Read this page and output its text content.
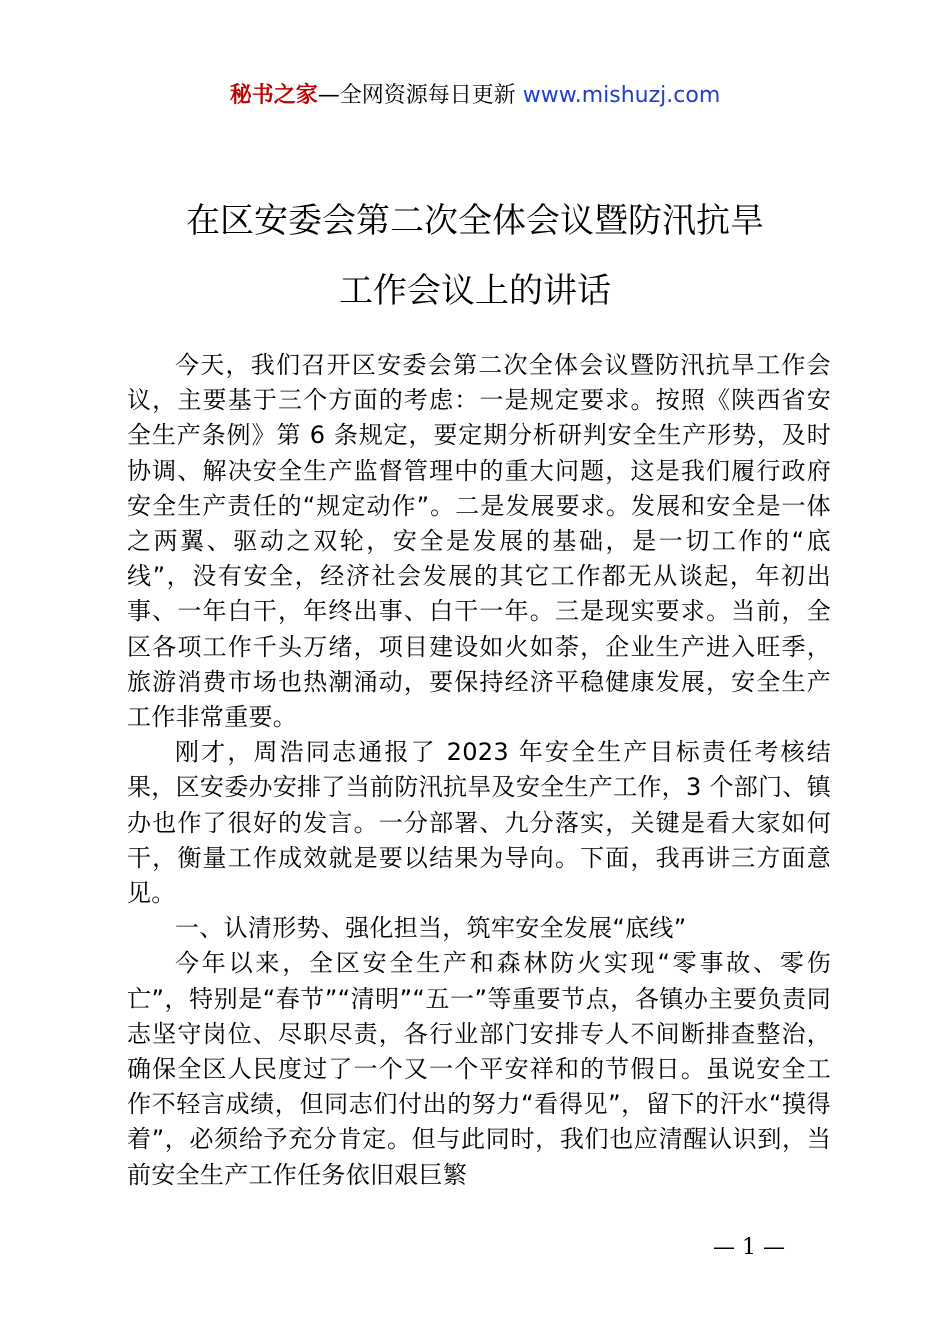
秘书之家—全网资源每日更新 www.mishuzj.com
在区安委会第二次全体会议暨防汛抗旱
工作会议上的讲话

今天，我们召开区安委会第二次全体会议暨防汛抗旱工作会议，主要基于三个方面的考虑：一是规定要求。按照《陕西省安全生产条例》第 6 条规定，要定期分析研判安全生产形势，及时协调、解决安全生产监督管理中的重大问题，这是我们履行政府安全生产责任的“规定动作”。二是发展要求。发展和安全是一体之两翼、驱动之双轮，安全是发展的基础，是一切工作的“底线”，没有安全，经济社会发展的其它工作都无从谈起，年初出事、一年白干，年终出事、白干一年。三是现实要求。当前，全区各项工作千头万绪，项目建设如火如荼，企业生产进入旺季，旅游消费市场也热潮涌动，要保持经济平稳健康发展，安全生产工作非常重要。

刚才，周浩同志通报了 2023 年安全生产目标责任考核结果，区安委办安排了当前防汛抗旱及安全生产工作，3 个部门、镇办也作了很好的发言。一分部署、九分落实，关键是看大家如何干，衡量工作成效就是要以结果为导向。下面，我再讲三方面意见。

一、认清形势、强化担当，筑牢安全发展“底线”

今年以来，全区安全生产和森林防火实现“零事故、零伤亡”，特别是“春节”“清明”“五一”等重要节点，各镇办主要负责同志坚守岗位、尽职尽责，各行业部门安排专人不间断排查整治，确保全区人民度过了一个又一个平安祥和的节假日。虽说安全工作不轻言成绩，但同志们付出的努力“看得见”，留下的汗水“摸得着”，必须给予充分肯定。但与此同时，我们也应清醒认识到，当前安全生产工作任务依旧艰巨繁

— 1 —
